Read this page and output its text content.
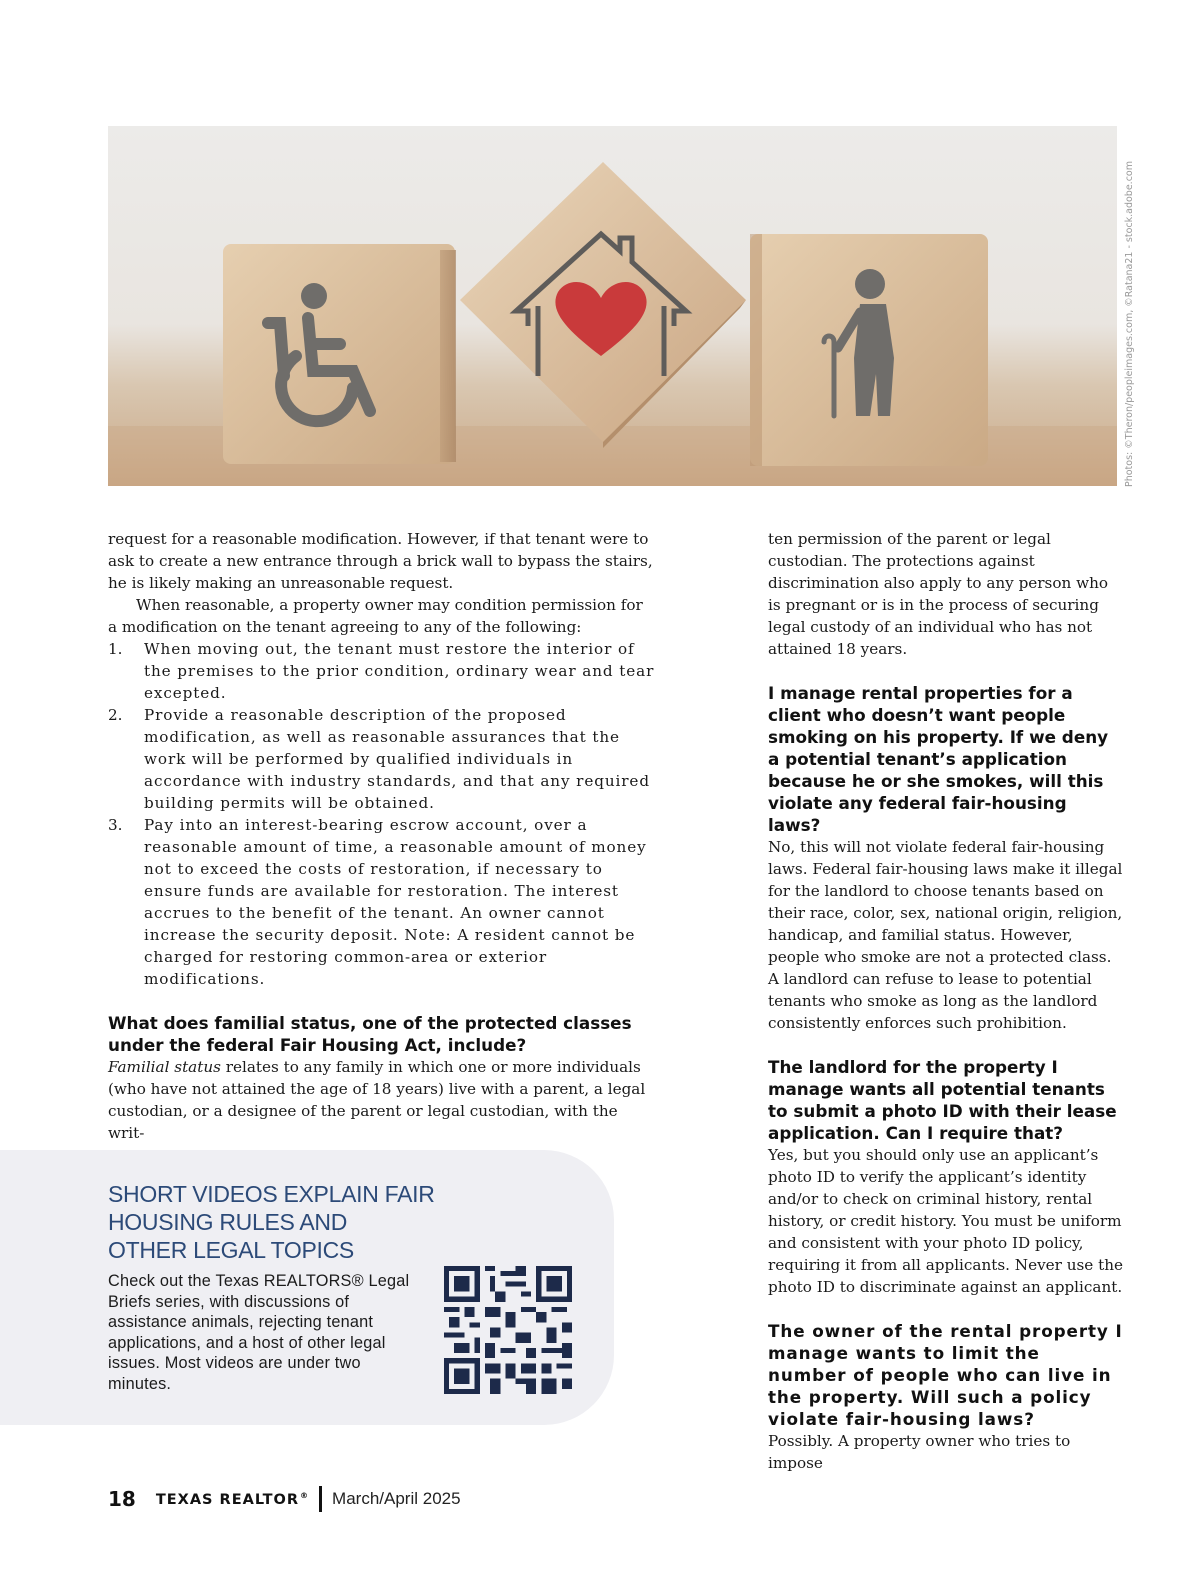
Photos: ©Theron/peopleimages.com, ©Ratana21 - stock.adobe.com

request for a reasonable modification. However, if that tenant were to ask to create a new entrance through a brick wall to bypass the stairs, he is likely making an unreasonable request.

When reasonable, a property owner may condition permission for a modification on the tenant agreeing to any of the following:

1. When moving out, the tenant must restore the interior of the premises to the prior condition, ordinary wear and tear excepted.
2. Provide a reasonable description of the proposed modification, as well as reasonable assurances that the work will be performed by qualified individuals in accordance with industry standards, and that any required building permits will be obtained.
3. Pay into an interest-bearing escrow account, over a reasonable amount of time, a reasonable amount of money not to exceed the costs of restoration, if necessary to ensure funds are available for restoration. The interest accrues to the benefit of the tenant. An owner cannot increase the security deposit. Note: A resident cannot be charged for restoring common-area or exterior modifications.

What does familial status, one of the protected classes under the federal Fair Housing Act, include?

Familial status relates to any family in which one or more individuals (who have not attained the age of 18 years) live with a parent, a legal custodian, or a designee of the parent or legal custodian, with the writ-

ten permission of the parent or legal custodian. The protections against discrimination also apply to any person who is pregnant or is in the process of securing legal custody of an individual who has not attained 18 years.

I manage rental properties for a client who doesn’t want people smoking on his property. If we deny a potential tenant’s application because he or she smokes, will this violate any federal fair-housing laws?

No, this will not violate federal fair-housing laws. Federal fair-housing laws make it illegal for the landlord to choose tenants based on their race, color, sex, national origin, religion, handicap, and familial status. However, people who smoke are not a protected class. A landlord can refuse to lease to potential tenants who smoke as long as the landlord consistently enforces such prohibition.

The landlord for the property I manage wants all potential tenants to submit a photo ID with their lease application. Can I require that?

Yes, but you should only use an applicant’s photo ID to verify the applicant’s identity and/or to check on criminal history, rental history, or credit history. You must be uniform and consistent with your photo ID policy, requiring it from all applicants. Never use the photo ID to discriminate against an applicant.

The owner of the rental property I manage wants to limit the number of people who can live in the property. Will such a policy violate fair-housing laws?

Possibly. A property owner who tries to impose

SHORT VIDEOS EXPLAIN FAIR
HOUSING RULES AND
OTHER LEGAL TOPICS
Check out the Texas REALTORS® Legal Briefs series, with discussions of assistance animals, rejecting tenant applications, and a host of other legal issues. Most videos are under two minutes.
18 TEXAS REALTOR® March/April 2025
